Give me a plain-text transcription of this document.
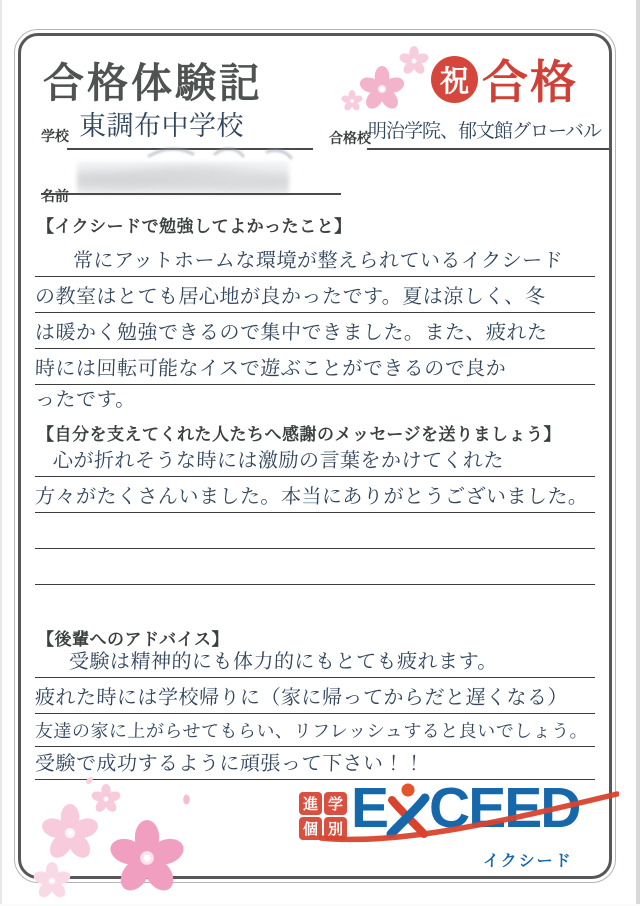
合格体験記	祝 合格
学校 東調布中学校	合格校
明治学院、郁文館グローバル
名前
【イクシードで勉強してよかったこと】
常にアットホームな環境が整えられているイクシード
の教室はとても居心地が良かったです。夏は涼しく、冬
は暖かく勉強できるので集中できました。また、疲れた
時には回転可能なイスで遊ぶことができるので良か
ったです。
【自分を支えてくれた人たちへ感謝のメッセージを送りましょう】
心が折れそうな時には激励の言葉をかけてくれた
方々がたくさんいました。本当にありがとうございました。
【後輩へのアドバイス】
受験は精神的にも体力的にもとても疲れます。
疲れた時には学校帰りに（家に帰ってからだと遅くなる）
友達の家に上がらせてもらい、リフレッシュすると良いでしょう。
受験で成功するように頑張って下さい！！
進 学
個 別 E CEED
イクシード
